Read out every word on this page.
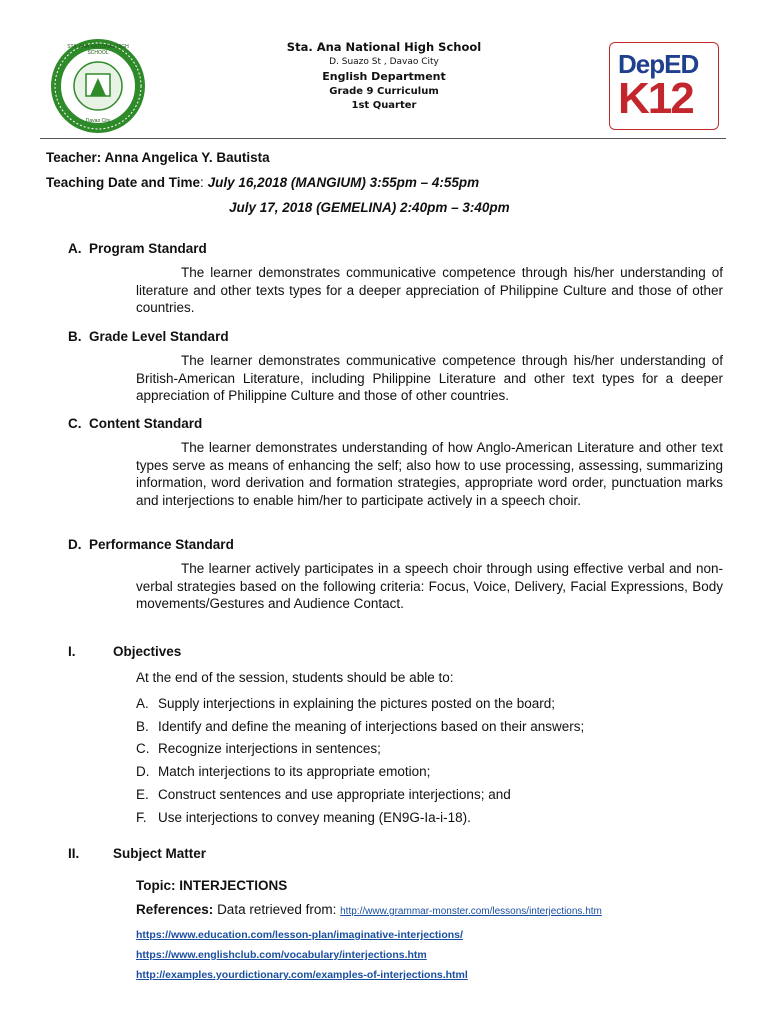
STA. ANA NATIONAL HIGH SCHOOL
Davao City
Sta. Ana National High School
D. Suazo St , Davao City
English Department
Grade 9 Curriculum
1st Quarter
DepED
K12
Teacher: Anna Angelica Y. Bautista
Teaching Date and Time: July 16,2018 (MANGIUM) 3:55pm – 4:55pm
July 17, 2018 (GEMELINA) 2:40pm – 3:40pm
A. Program Standard
The learner demonstrates communicative competence through his/her understanding of literature and other texts types for a deeper appreciation of Philippine Culture and those of other countries.
B. Grade Level Standard
The learner demonstrates communicative competence through his/her understanding of British-American Literature, including Philippine Literature and other text types for a deeper appreciation of Philippine Culture and those of other countries.
C. Content Standard
The learner demonstrates understanding of how Anglo-American Literature and other text types serve as means of enhancing the self; also how to use processing, assessing, summarizing information, word derivation and formation strategies, appropriate word order, punctuation marks and interjections to enable him/her to participate actively in a speech choir.
D. Performance Standard
The learner actively participates in a speech choir through using effective verbal and non-verbal strategies based on the following criteria: Focus, Voice, Delivery, Facial Expressions, Body movements/Gestures and Audience Contact.
I.	Objectives
At the end of the session, students should be able to:
A. Supply interjections in explaining the pictures posted on the board;
B. Identify and define the meaning of interjections based on their answers;
C. Recognize interjections in sentences;
D. Match interjections to its appropriate emotion;
E. Construct sentences and use appropriate interjections; and
F. Use interjections to convey meaning (EN9G-Ia-i-18).
II. Subject Matter
Topic: INTERJECTIONS
References: Data retrieved from: http://www.grammar-monster.com/lessons/interjections.htm
https://www.education.com/lesson-plan/imaginative-interjections/
https://www.englishclub.com/vocabulary/interjections.htm
http://examples.yourdictionary.com/examples-of-interjections.html
